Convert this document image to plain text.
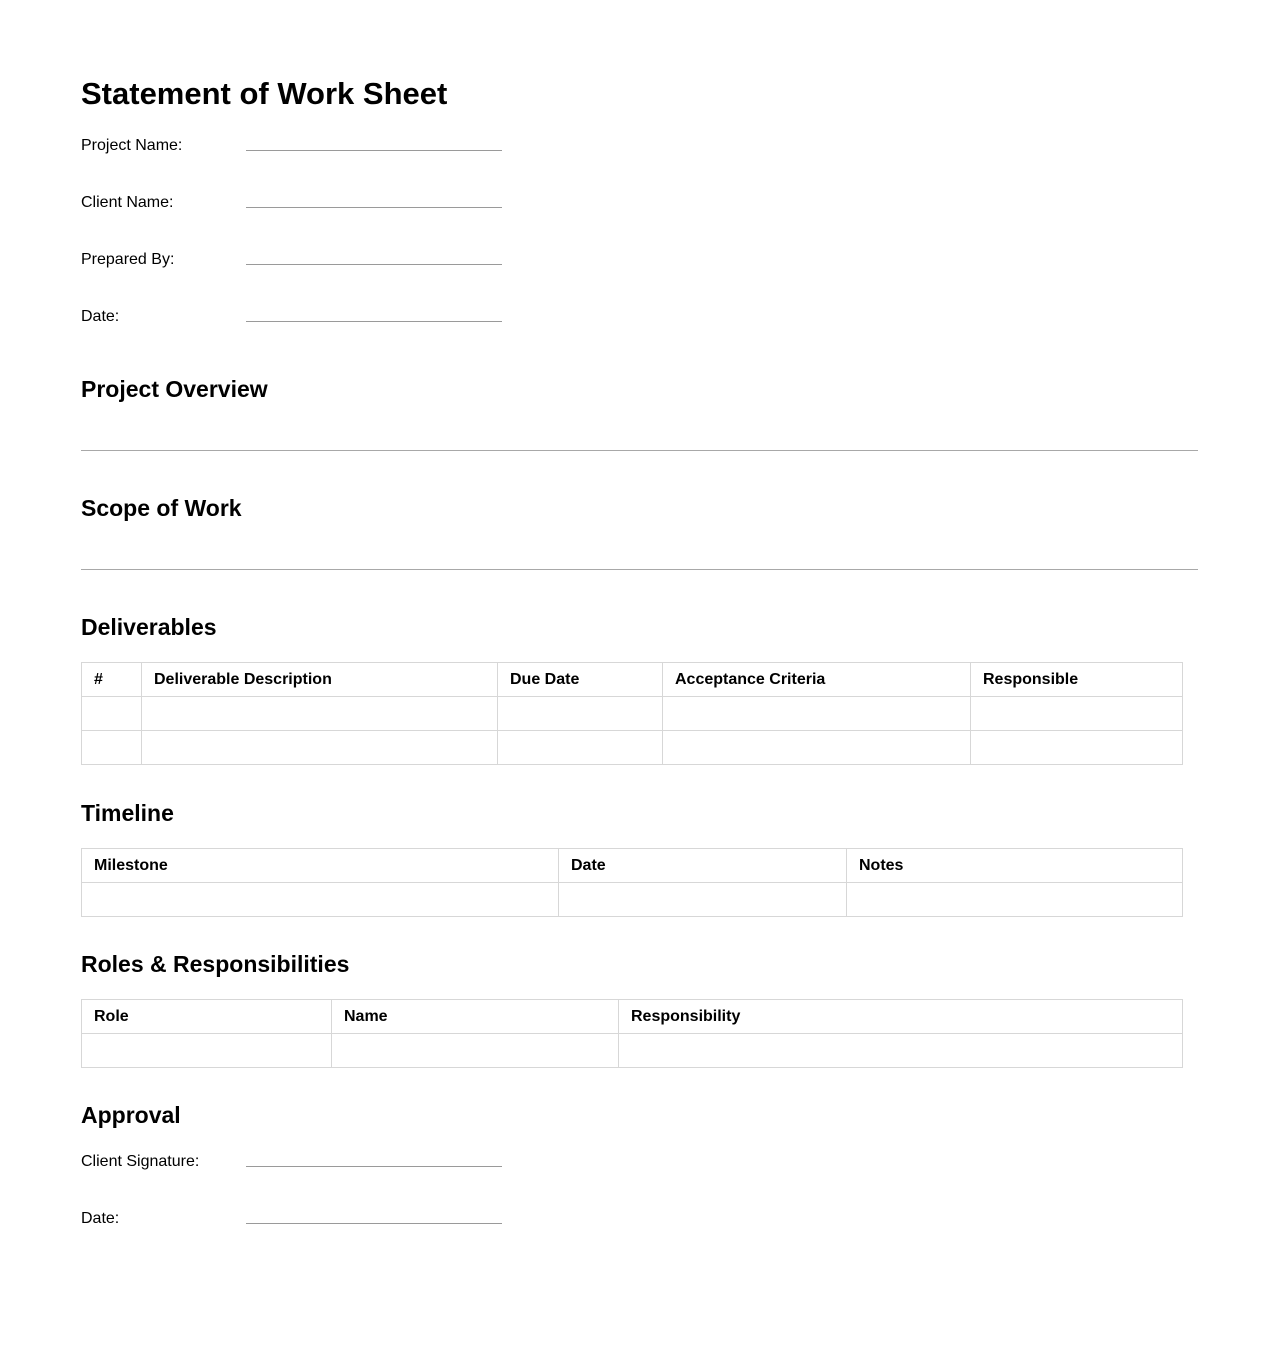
Statement of Work Sheet
Project Name:
Client Name:
Prepared By:
Date:
Project Overview
Scope of Work
Deliverables
#	Deliverable Description	Due Date	Acceptance Criteria	Responsible

Timeline
Milestone	Date	Notes

Roles & Responsibilities
Role	Name	Responsibility

Approval
Client Signature:
Date:
